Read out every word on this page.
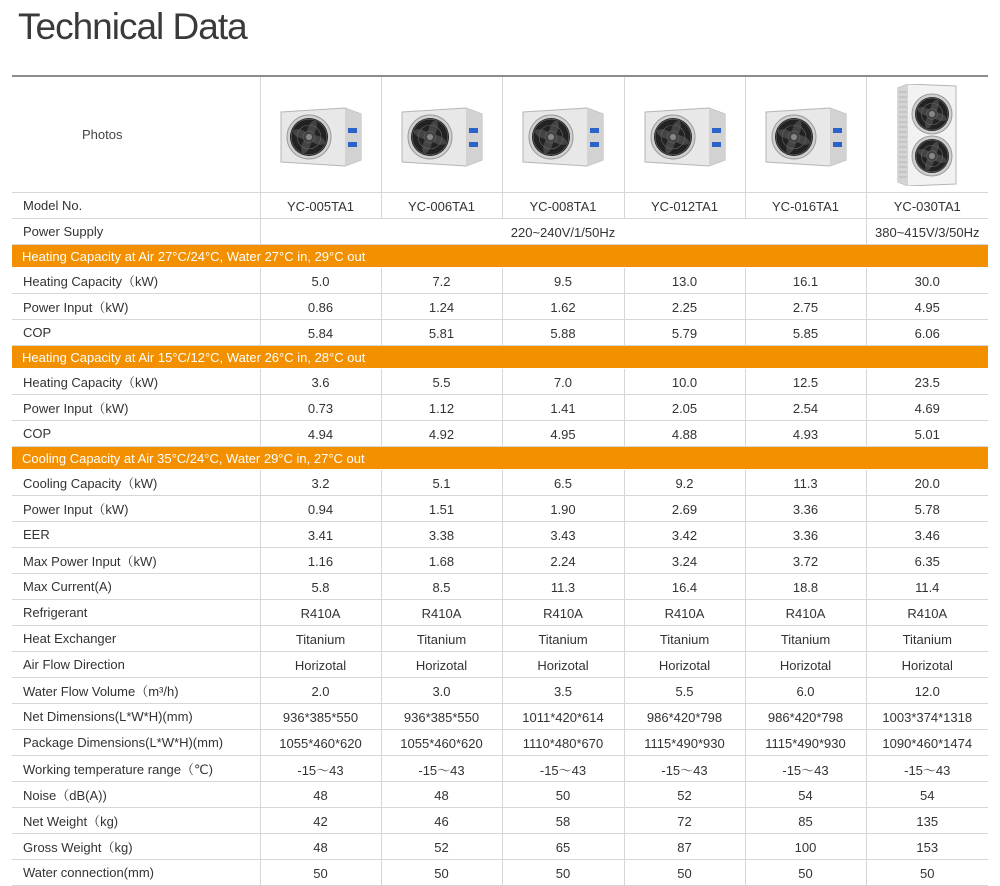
Technical Data
Photos	

Model No.	YC-005TA1	YC-006TA1	YC-008TA1	YC-012TA1	YC-016TA1	YC-030TA1
Power Supply	220~240V/1/50Hz					380~415V/3/50Hz
Heating Capacity at Air 27°C/24°C, Water 27°C in, 29°C out						
Heating Capacity（kW)	5.0	7.2	9.5	13.0	16.1	30.0
Power Input（kW)	0.86	1.24	1.62	2.25	2.75	4.95
COP	5.84	5.81	5.88	5.79	5.85	6.06
Heating Capacity at Air 15°C/12°C, Water 26°C in, 28°C out						
Heating Capacity（kW)	3.6	5.5	7.0	10.0	12.5	23.5
Power Input（kW)	0.73	1.12	1.41	2.05	2.54	4.69
COP	4.94	4.92	4.95	4.88	4.93	5.01
Cooling Capacity at Air 35°C/24°C, Water 29°C in, 27°C out						
Cooling Capacity（kW)	3.2	5.1	6.5	9.2	11.3	20.0
Power Input（kW)	0.94	1.51	1.90	2.69	3.36	5.78
EER	3.41	3.38	3.43	3.42	3.36	3.46
Max Power Input（kW)	1.16	1.68	2.24	3.24	3.72	6.35
Max Current(A)	5.8	8.5	11.3	16.4	18.8	11.4
Refrigerant	R410A	R410A	R410A	R410A	R410A	R410A
Heat Exchanger	Titanium	Titanium	Titanium	Titanium	Titanium	Titanium
Air Flow Direction	Horizotal	Horizotal	Horizotal	Horizotal	Horizotal	Horizotal
Water Flow Volume（m³/h)	2.0	3.0	3.5	5.5	6.0	12.0
Net Dimensions(L*W*H)(mm)	936*385*550	936*385*550	1011*420*614	986*420*798	986*420*798	1003*374*1318
Package Dimensions(L*W*H)(mm)	1055*460*620	1055*460*620	1110*480*670	1115*490*930	1115*490*930	1090*460*1474
Working temperature range（℃)	-15～43	-15～43	-15～43	-15～43	-15～43	-15～43
Noise（dB(A))	48	48	50	52	54	54
Net Weight（kg)	42	46	58	72	85	135
Gross Weight（kg)	48	52	65	87	100	153
Water connection(mm)	50	50	50	50	50	50
